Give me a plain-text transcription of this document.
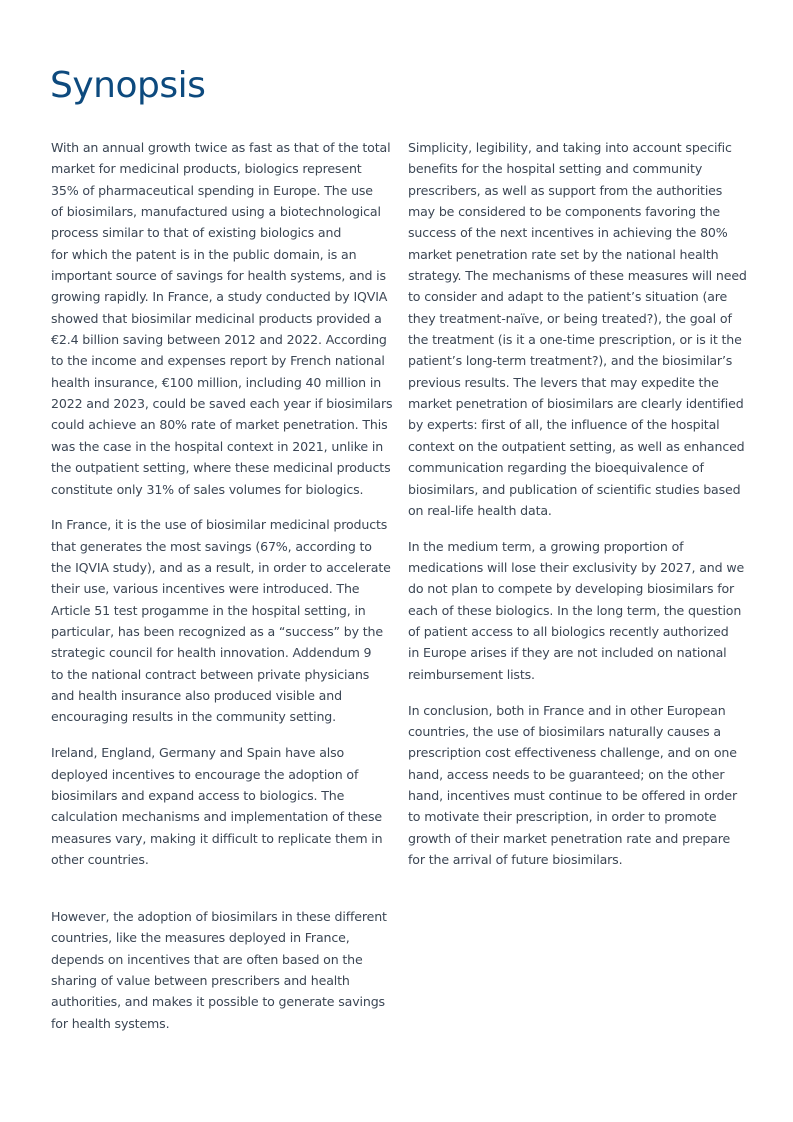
Synopsis

With an annual growth twice as fast as that of the total
market for medicinal products, biologics represent
35% of pharmaceutical spending in Europe. The use
of biosimilars, manufactured using a biotechnological
process similar to that of existing biologics and
for which the patent is in the public domain, is an
important source of savings for health systems, and is
growing rapidly. In France, a study conducted by IQVIA
showed that biosimilar medicinal products provided a
€2.4 billion saving between 2012 and 2022. According
to the income and expenses report by French national
health insurance, €100 million, including 40 million in
2022 and 2023, could be saved each year if biosimilars
could achieve an 80% rate of market penetration. This
was the case in the hospital context in 2021, unlike in
the outpatient setting, where these medicinal products
constitute only 31% of sales volumes for biologics.

In France, it is the use of biosimilar medicinal products
that generates the most savings (67%, according to
the IQVIA study), and as a result, in order to accelerate
their use, various incentives were introduced. The
Article 51 test progamme in the hospital setting, in
particular, has been recognized as a “success” by the
strategic council for health innovation. Addendum 9
to the national contract between private physicians
and health insurance also produced visible and
encouraging results in the community setting.

Ireland, England, Germany and Spain have also
deployed incentives to encourage the adoption of
biosimilars and expand access to biologics. The
calculation mechanisms and implementation of these
measures vary, making it difficult to replicate them in
other countries.

However, the adoption of biosimilars in these different
countries, like the measures deployed in France,
depends on incentives that are often based on the
sharing of value between prescribers and health
authorities, and makes it possible to generate savings
for health systems.

Simplicity, legibility, and taking into account specific
benefits for the hospital setting and community
prescribers, as well as support from the authorities
may be considered to be components favoring the
success of the next incentives in achieving the 80%
market penetration rate set by the national health
strategy. The mechanisms of these measures will need
to consider and adapt to the patient’s situation (are
they treatment-naïve, or being treated?), the goal of
the treatment (is it a one-time prescription, or is it the
patient’s long-term treatment?), and the biosimilar’s
previous results. The levers that may expedite the
market penetration of biosimilars are clearly identified
by experts: first of all, the influence of the hospital
context on the outpatient setting, as well as enhanced
communication regarding the bioequivalence of
biosimilars, and publication of scientific studies based
on real-life health data.

In the medium term, a growing proportion of
medications will lose their exclusivity by 2027, and we
do not plan to compete by developing biosimilars for
each of these biologics. In the long term, the question
of patient access to all biologics recently authorized
in Europe arises if they are not included on national
reimbursement lists.

In conclusion, both in France and in other European
countries, the use of biosimilars naturally causes a
prescription cost effectiveness challenge, and on one
hand, access needs to be guaranteed; on the other
hand, incentives must continue to be offered in order
to motivate their prescription, in order to promote
growth of their market penetration rate and prepare
for the arrival of future biosimilars.
